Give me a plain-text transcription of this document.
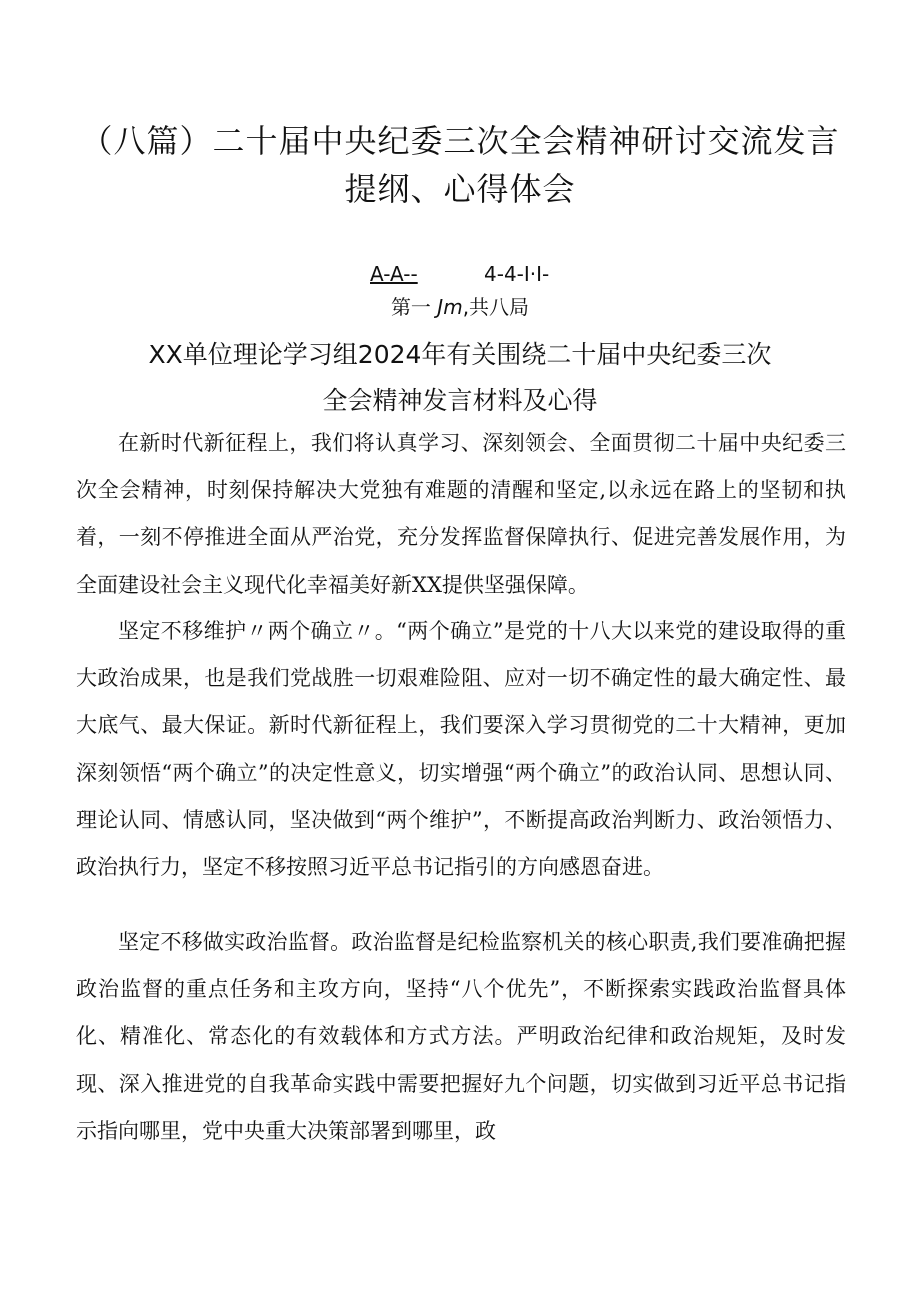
（八篇）二十届中央纪委三次全会精神研讨交流发言
提纲、心得体会
A-A--	4-4-I·I-
第一 Jm,共八局
XX单位理论学习组2024年有关围绕二十届中央纪委三次
全会精神发言材料及心得

在新时代新征程上，我们将认真学习、深刻领会、全面贯彻二十届中央纪委三次全会精神，时刻保持解决大党独有难题的清醒和坚定,以永远在路上的坚韧和执着，一刻不停推进全面从严治党，充分发挥监督保障执行、促进完善发展作用，为全面建设社会主义现代化幸福美好新XX提供坚强保障。

坚定不移维护〃两个确立〃。“两个确立”是党的十八大以来党的建设取得的重大政治成果，也是我们党战胜一切艰难险阻、应对一切不确定性的最大确定性、最大底气、最大保证。新时代新征程上，我们要深入学习贯彻党的二十大精神，更加深刻领悟“两个确立”的决定性意义，切实增强“两个确立”的政治认同、思想认同、理论认同、情感认同，坚决做到“两个维护”，不断提高政治判断力、政治领悟力、政治执行力，坚定不移按照习近平总书记指引的方向感恩奋进。

坚定不移做实政治监督。政治监督是纪检监察机关的核心职责,我们要准确把握政治监督的重点任务和主攻方向，坚持“八个优先”，不断探索实践政治监督具体化、精准化、常态化的有效载体和方式方法。严明政治纪律和政治规矩，及时发现、深入推进党的自我革命实践中需要把握好九个问题，切实做到习近平总书记指示指向哪里，党中央重大决策部署到哪里，政
